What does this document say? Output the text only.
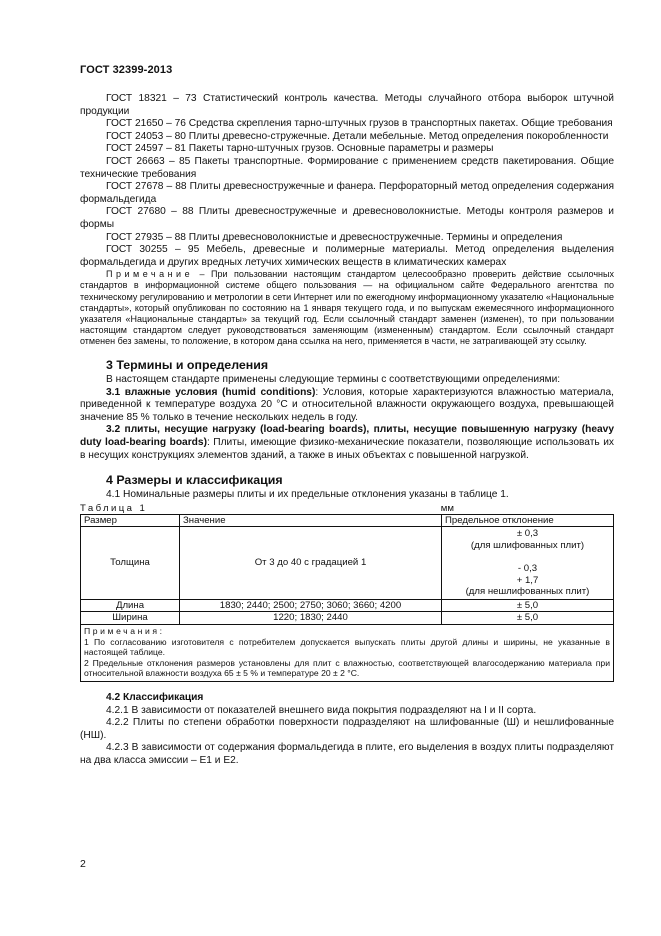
ГОСТ 32399-2013

ГОСТ 18321 – 73 Статистический контроль качества. Методы случайного отбора выборок штучной продукции

ГОСТ 21650 – 76 Средства скрепления тарно-штучных грузов в транспортных пакетах. Общие требования

ГОСТ 24053 – 80 Плиты древесно-стружечные. Детали мебельные. Метод определения покоробленности

ГОСТ 24597 – 81 Пакеты тарно-штучных грузов. Основные параметры и размеры

ГОСТ 26663 – 85 Пакеты транспортные. Формирование с применением средств пакетирования. Общие технические требования

ГОСТ 27678 – 88 Плиты древесностружечные и фанера. Перфораторный метод определения содержания формальдегида

ГОСТ 27680 – 88 Плиты древесностружечные и древесноволокнистые. Методы контроля размеров и формы

ГОСТ 27935 – 88 Плиты древесноволокнистые и древесностружечные. Термины и определения

ГОСТ 30255 – 95 Мебель, древесные и полимерные материалы. Метод определения выделения формальдегида и других вредных летучих химических веществ в климатических камерах

Примечание – При пользовании настоящим стандартом целесообразно проверить действие ссылочных стандартов в информационной системе общего пользования — на официальном сайте Федерального агентства по техническому регулированию и метрологии в сети Интернет или по ежегодному информационному указателю «Национальные стандарты», который опубликован по состоянию на 1 января текущего года, и по выпускам ежемесячного информационного указателя «Национальные стандарты» за текущий год. Если ссылочный стандарт заменен (изменен), то при пользовании настоящим стандартом следует руководствоваться заменяющим (измененным) стандартом. Если ссылочный стандарт отменен без замены, то положение, в котором дана ссылка на него, применяется в части, не затрагивающей эту ссылку.

3 Термины и определения

В настоящем стандарте применены следующие термины с соответствующими определениями:

3.1 влажные условия (humid conditions): Условия, которые характеризуются влажностью материала, приведенной к температуре воздуха 20 °C и относительной влажности окружающего воздуха, превышающей значение 85 % только в течение нескольких недель в году.

3.2 плиты, несущие нагрузку (load-bearing boards), плиты, несущие повышенную нагрузку (heavy duty load-bearing boards): Плиты, имеющие физико-механические показатели, позволяющие использовать их в несущих конструкциях элементов зданий, а также в иных объектах с повышенной нагрузкой.

4 Размеры и классификация

4.1 Номинальные размеры плиты и их предельные отклонения указаны в таблице 1.

Таблица 1	мм
Размер	Значение	Предельное отклонение
Толщина	От 3 до 40 с градацией 1	± 0,3
(для шлифованных плит)
- 0,3
+ 1,7
(для нешлифованных плит)

Длина	1830; 2440; 2500; 2750; 3060; 3660; 4200	± 5,0
Ширина	1220; 1830; 2440	± 5,0

Примечания:
1 По согласованию изготовителя с потребителем допускается выпускать плиты другой длины и ширины, не указанные в настоящей таблице.
2 Предельные отклонения размеров установлены для плит с влажностью, соответствующей влагосодержанию материала при относительной влажности воздуха 65 ± 5 % и температуре 20 ± 2 °С.		
4.2 Классификация

4.2.1 В зависимости от показателей внешнего вида покрытия подразделяют на I и II сорта.

4.2.2 Плиты по степени обработки поверхности подразделяют на шлифованные (Ш) и нешлифованные (НШ).

4.2.3 В зависимости от содержания формальдегида в плите, его выделения в воздух плиты подразделяют на два класса эмиссии – Е1 и Е2.

2
